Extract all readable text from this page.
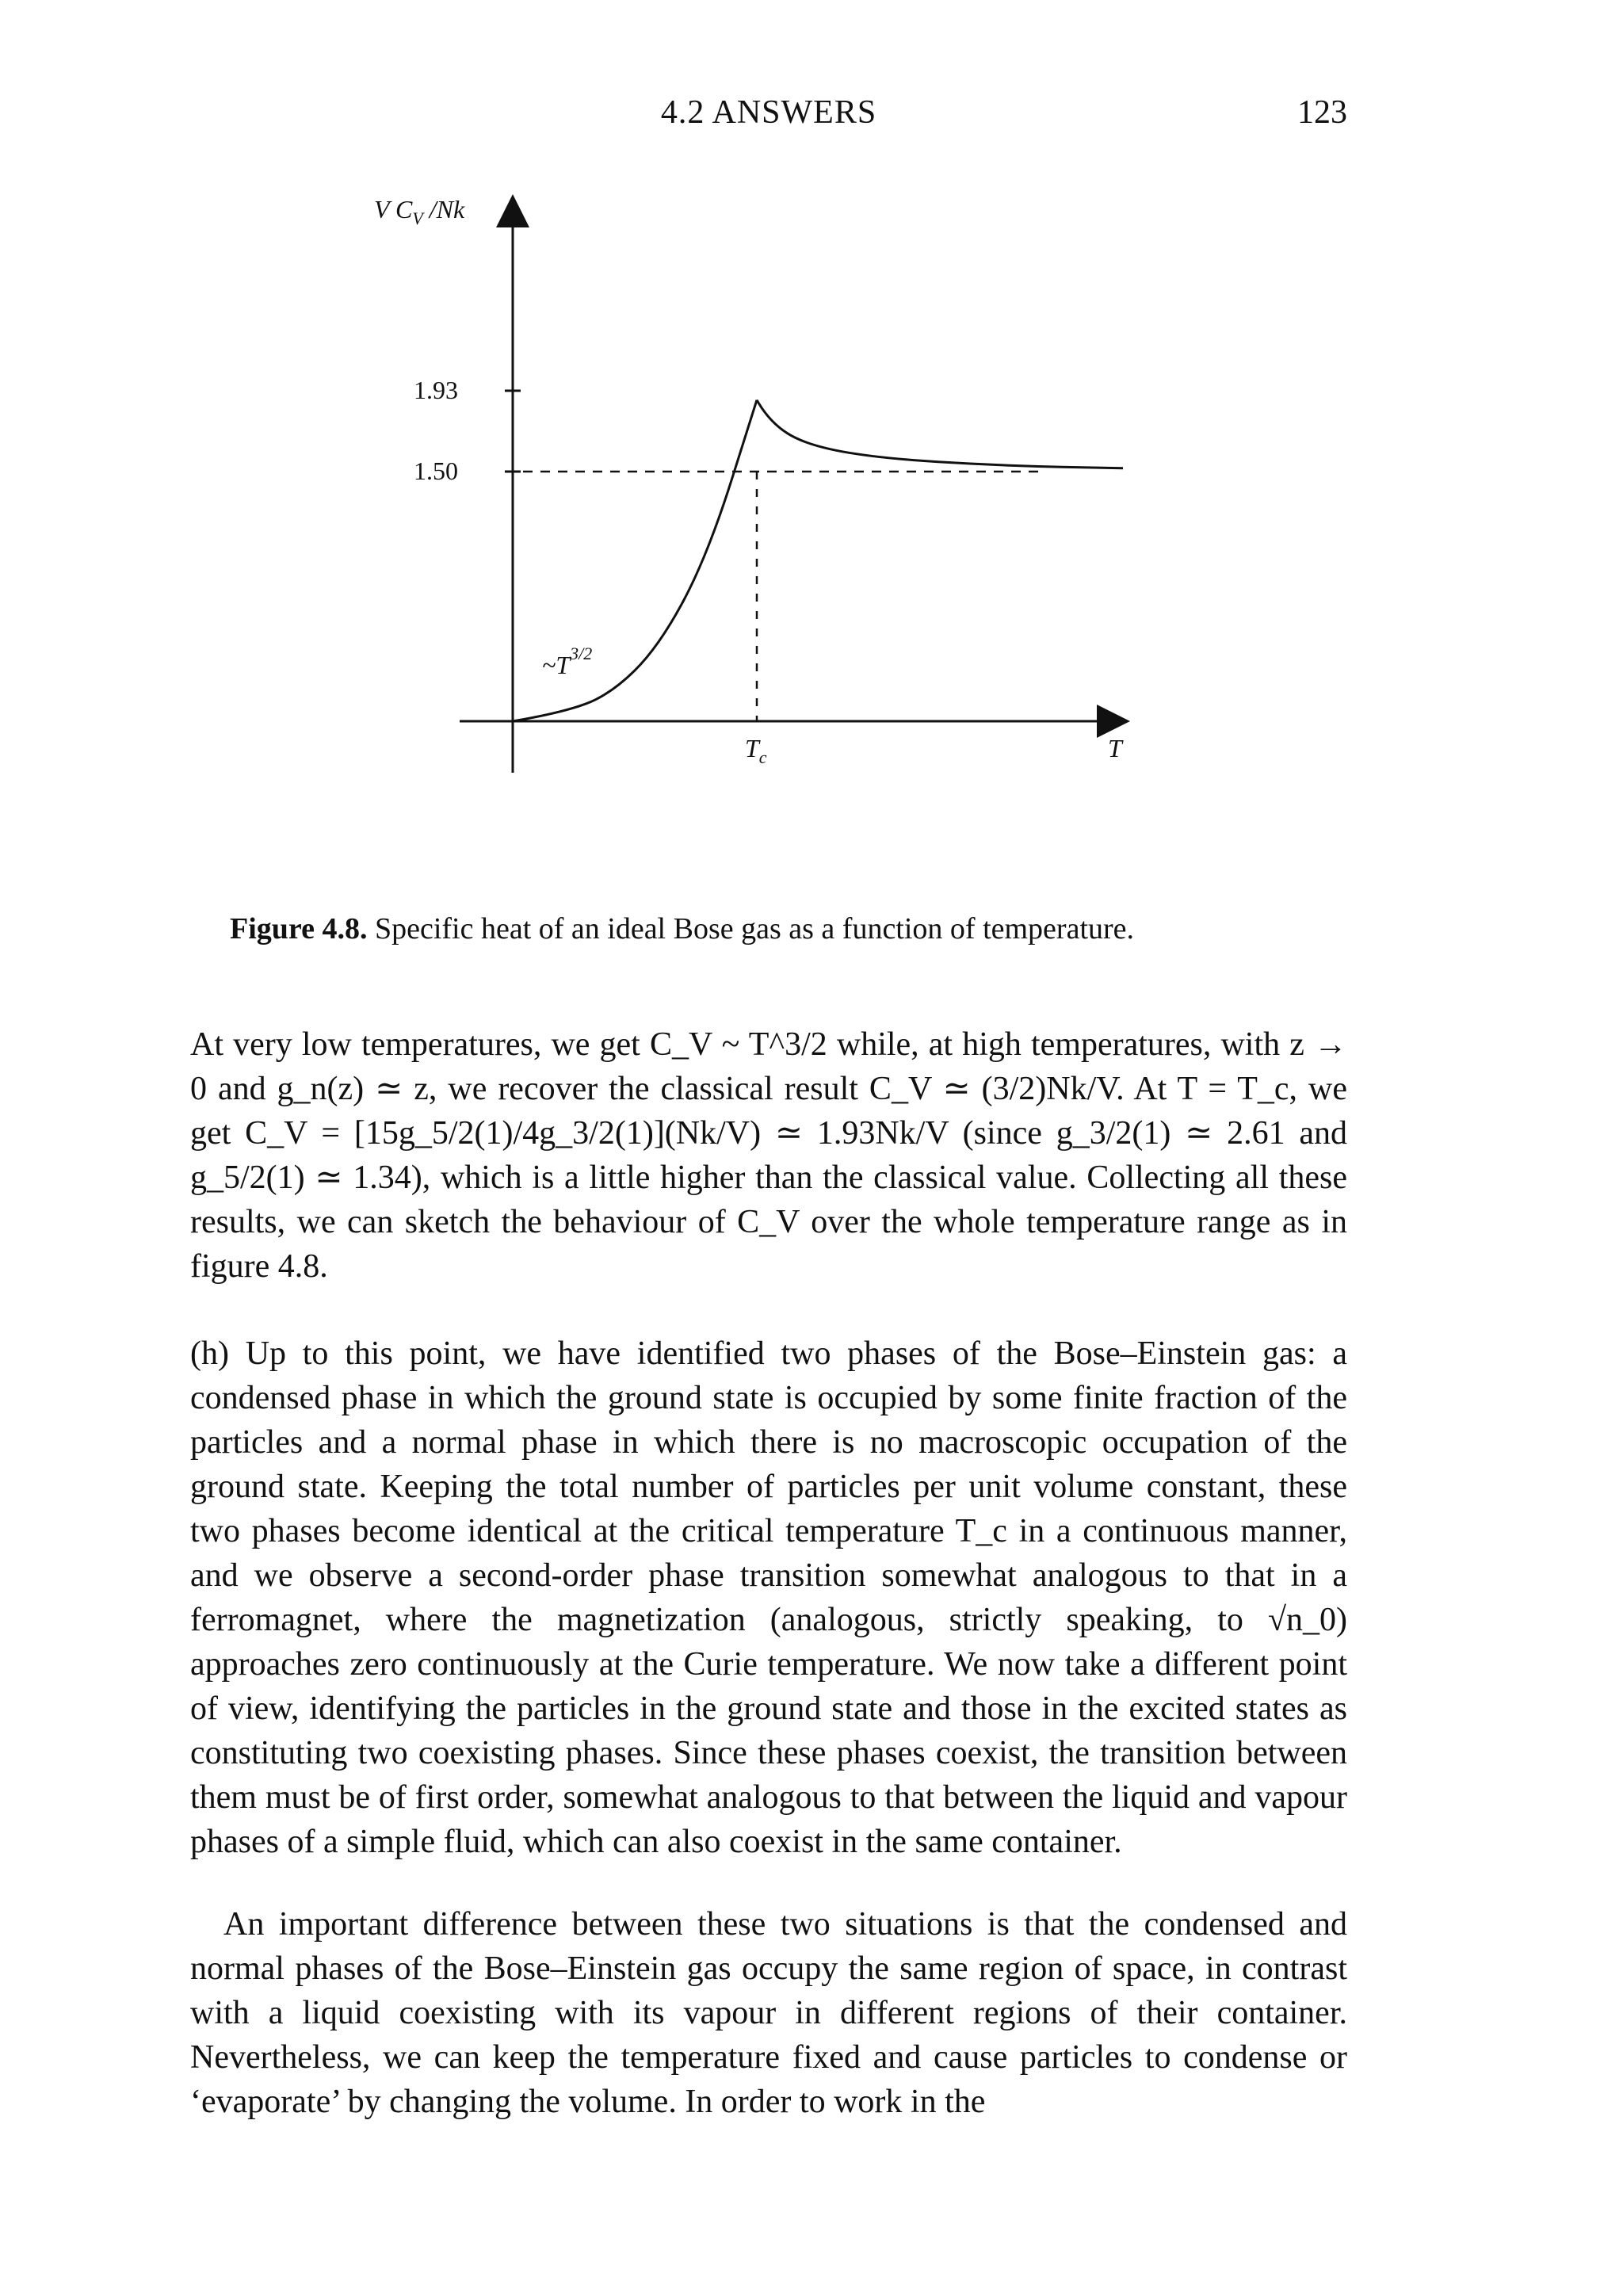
4.2 ANSWERS	123
V $C_V$ /Nk
1.93
1.50
$\sim T^{3/2}$
$T_c$	T
Figure 4.8. Specific heat of an ideal Bose gas as a function of temperature.

At very low temperatures, we get C_V ~ T^3/2 while, at high temperatures, with z → 0 and g_n(z) ≃ z, we recover the classical result C_V ≃ (3/2)Nk/V. At T = T_c, we get C_V = [15g_5/2(1)/4g_3/2(1)](Nk/V) ≃ 1.93Nk/V (since g_3/2(1) ≃ 2.61 and g_5/2(1) ≃ 1.34), which is a little higher than the classical value. Collecting all these results, we can sketch the behaviour of C_V over the whole temperature range as in figure 4.8.

(h) Up to this point, we have identified two phases of the Bose–Einstein gas: a condensed phase in which the ground state is occupied by some finite fraction of the particles and a normal phase in which there is no macroscopic occupation of the ground state. Keeping the total number of particles per unit volume constant, these two phases become identical at the critical temperature T_c in a continuous manner, and we observe a second-order phase transition somewhat analogous to that in a ferromagnet, where the magnetization (analogous, strictly speaking, to √n_0) approaches zero continuously at the Curie temperature. We now take a different point of view, identifying the particles in the ground state and those in the excited states as constituting two coexisting phases. Since these phases coexist, the transition between them must be of first order, somewhat analogous to that between the liquid and vapour phases of a simple fluid, which can also coexist in the same container.

An important difference between these two situations is that the condensed and normal phases of the Bose–Einstein gas occupy the same region of space, in contrast with a liquid coexisting with its vapour in different regions of their container. Nevertheless, we can keep the temperature fixed and cause particles to condense or ‘evaporate’ by changing the volume. In order to work in the
